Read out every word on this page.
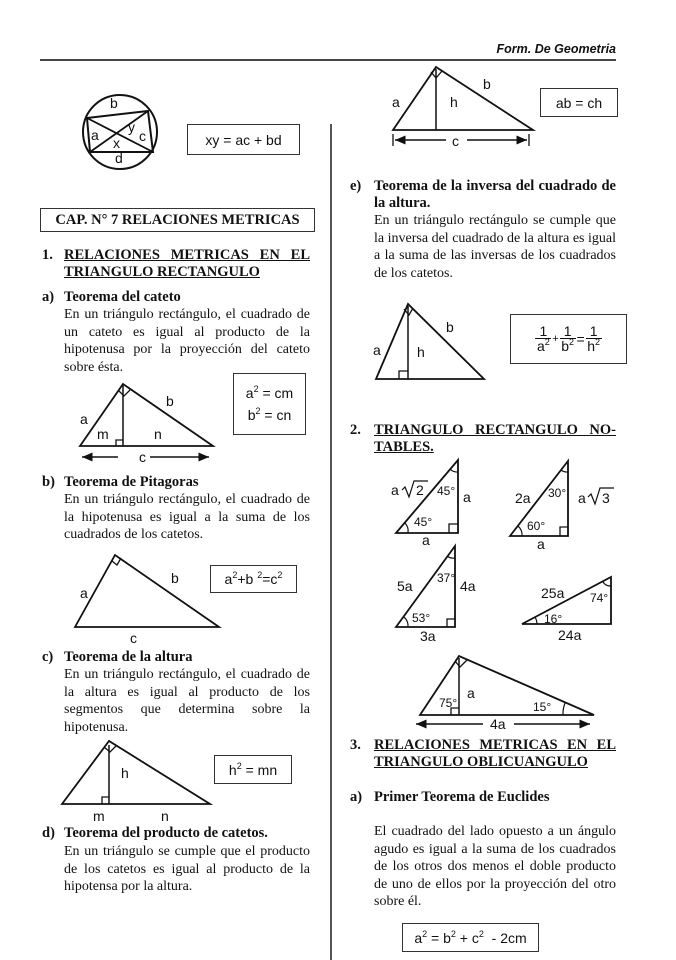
Form. De Geometria
b
a y
c
x
d
a
b
m	n
c
a
b
c
h
m	n
a
b
h
c
a
b
h
a 2 45° a
45°
a
2a 30° a 3
60°
a
5a 37° 4a
53°
3a
25a 74°
16°
24a
75°
a
15°
4a
xy = ac + bd
CAP. N° 7 RELACIONES METRICAS
1. RELACIONES METRICAS EN EL
TRIANGULO RECTANGULO
a) Teorema del cateto
En un triángulo rectángulo, el cuadrado de un cateto es igual al producto de la hipotenusa por la proyección del cateto sobre ésta.
$a^2$ = cm
$b^2$ = cn
b) Teorema de Pitagoras
En un triángulo rectángulo, el cuadrado de la hipotenusa es igual a la suma de los cuadrados de los catetos.
$a^2+b$ $^2=c^2$
c) Teorema de la altura
En un triángulo rectángulo, el cuadrado de la altura es igual al producto de los segmentos que determina sobre la hipotenusa.
$h^2$ = mn
d) Teorema del producto de catetos.
En un triángulo se cumple que el producto de los catetos es igual al producto de la hipotensa por la altura.
ab = ch
e) Teorema de la inversa del cuadrado de la altura.
En un triángulo rectángulo se cumple que la inversa del cuadrado de la altura es igual a la suma de las inversas de los cuadrados de los catetos.
$\frac{1}{a^2} + \frac{1}{b^2} = \frac{1}{h^2}$
2. TRIANGULO RECTANGULO NO-
TABLES.
3. RELACIONES METRICAS EN EL
TRIANGULO OBLICUANGULO
a) Primer Teorema de Euclides
El cuadrado del lado opuesto a un ángulo agudo es igual a la suma de los cuadrados de los otros dos menos el doble producto de uno de ellos por la proyección del otro sobre él.
$a^2 = b^2 + c^2 - 2cm$
